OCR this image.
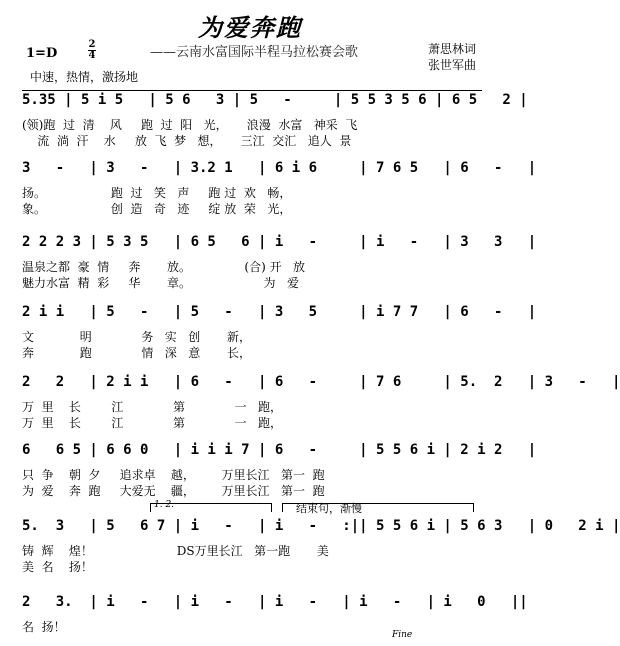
为爱奔跑
——云南水富国际半程马拉松赛会歌	萧思林词
张世军曲
1=D
2
4
中速，热情，激扬地
5.35 | 5 i 5   | 5 6   3 | 5   -     | 5 5 3 5 6 | 6 5   2 |
(领)跑  过  清    风     跑  过  阳   光，     浪漫  水富   神采  飞
流  淌  汗    水     放  飞  梦   想，     三江  交汇   追人  景
3   -   | 3   -   | 3.2 1   | 6 i 6     | 7 6 5   | 6   -   |
扬。                 跑  过   笑   声     跑 过  欢   畅，
象。                 创  造   奇   迹     绽 放  荣   光，
2 2 2 3 | 5 3 5   | 6 5   6 | i   -     | i   -   | 3   3   |
温泉之都  豪  情     奔       放。              (合) 开   放
魅力水富  精  彩     华       章。                   为   爱
2 i i   | 5   -   | 5   -   | 3   5     | i 7 7   | 6   -   |
文            明             务   实   创       新，
奔            跑             情   深   意       长，
2   2   | 2 i i   | 6   -   | 6   -     | 7 6     | 5.  2   | 3   -   |
万  里    长        江             第             一   跑，
万  里    长        江             第             一   跑，
6   6 5 | 6 6 0   | i i i 7 | 6   -     | 5 5 6 i | 2 i 2   |
只  争    朝  夕     追求卓    越，       万里长江   第一  跑
为  爱    奔  跑     大爱无    疆，       万里长江   第一  跑
1. 2.	结束句，渐慢
5.  3   | 5   6 7 | i   -   | i   -   :|| 5 5 6 i | 5 6 3   | 0   2 i |
铸  辉    煌！                      DS万里长江   第一跑       美
美  名    扬！
2   3.  | i   -   | i   -   | i   -   | i   -   | i   0   ||
名  扬！
Fine
